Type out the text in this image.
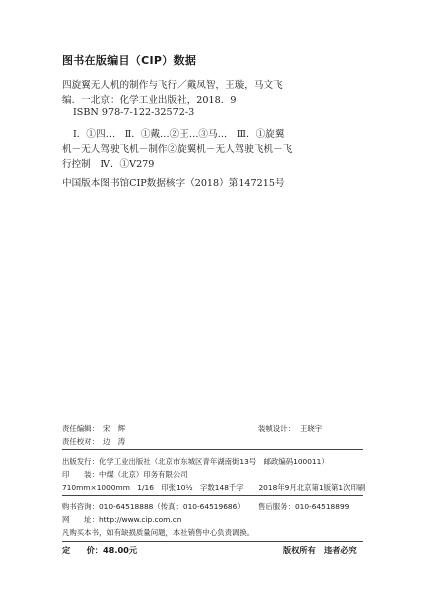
图书在版编目（CIP）数据
四旋翼无人机的制作与飞行／戴凤智，王璇，马文飞
编．一北京：化学工业出版社，2018．9
ISBN 978-7-122-32572-3
Ⅰ．①四…　Ⅱ．①戴…②王…③马…　Ⅲ．①旋翼
机－无人驾驶飞机－制作②旋翼机－无人驾驶飞机－飞
行控制　Ⅳ．①V279
中国版本图书馆CIP数据核字（2018）第147215号
责任编辑： 宋　辉	装帧设计： 王晓宇
责任校对： 边　涛
出版发行：化学工业出版社（北京市东城区青年湖南街13号　邮政编码100011）
印　　装：中煤（北京）印务有限公司
710mm×1000mm　1/16　印张10½　字数148千字　　2018年9月北京第1版第1次印刷
购书咨询：010-64518888（传真：010-64519686） 售后服务：010-64518899
网　　址：http://www.cip.com.cn
凡购买本书，如有缺损质量问题，本社销售中心负责调换。
定　　价：48.00元	版权所有　违者必究
